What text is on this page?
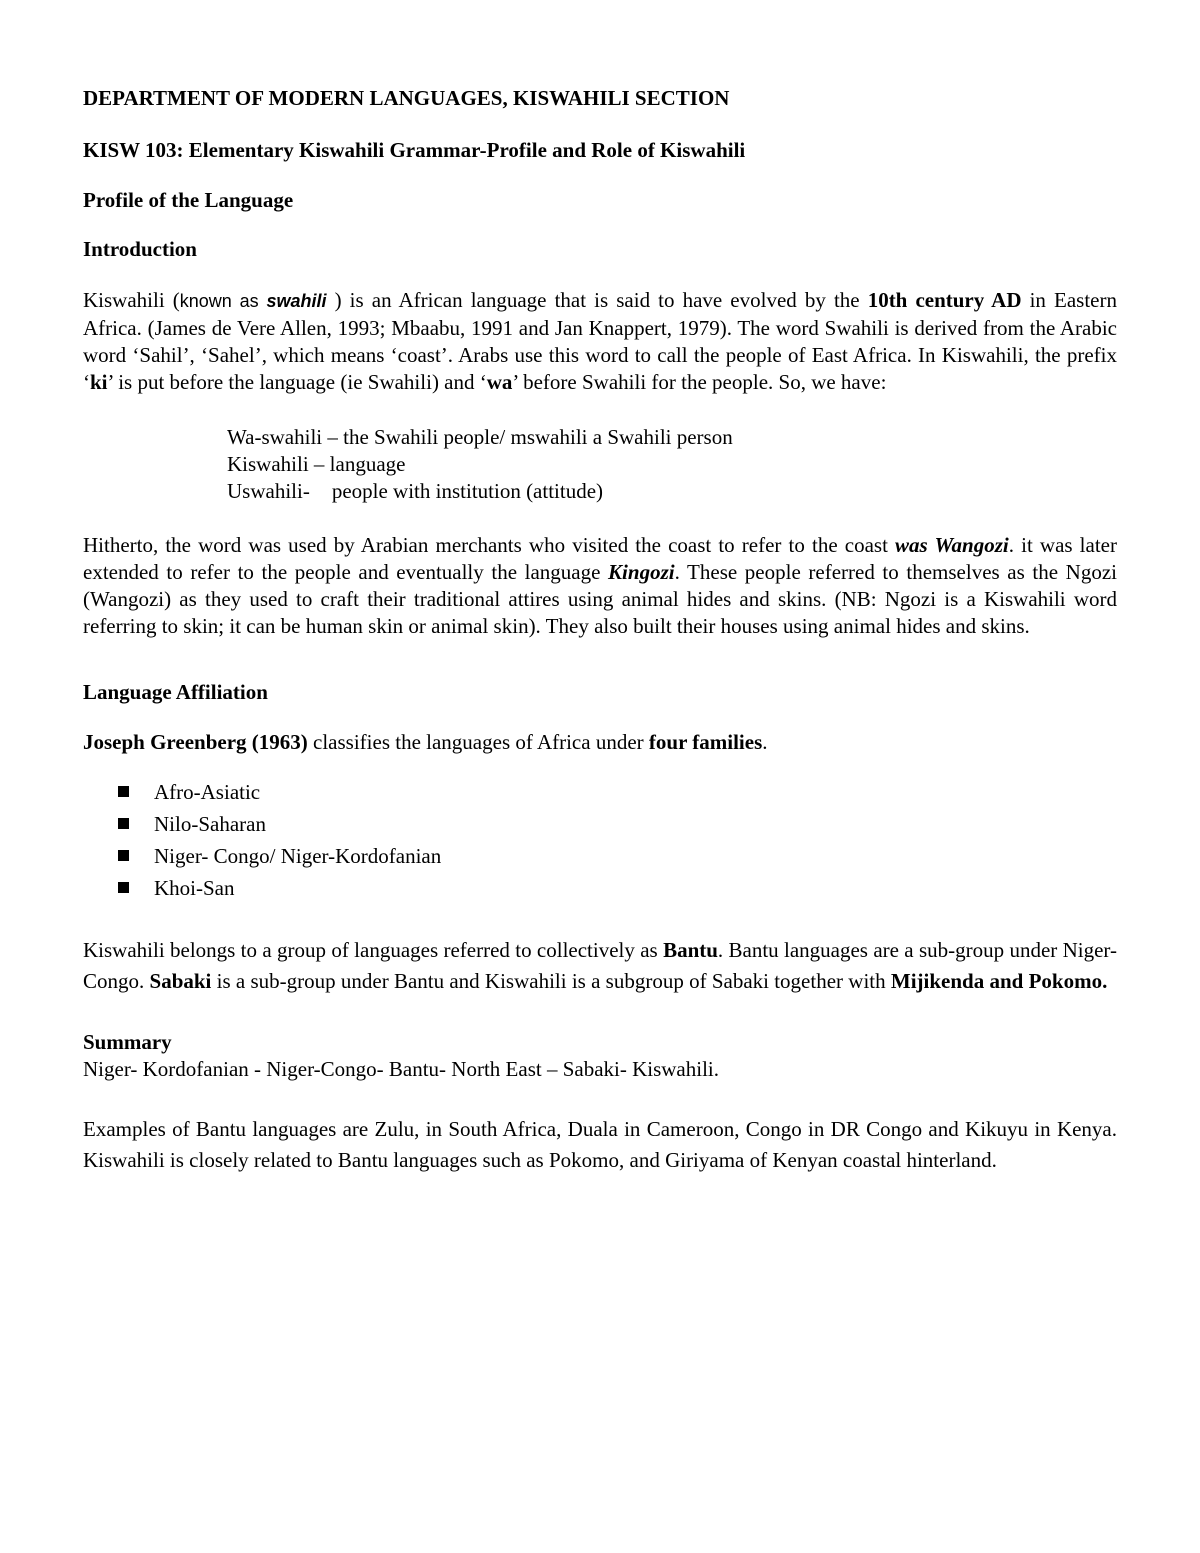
DEPARTMENT OF MODERN LANGUAGES, KISWAHILI SECTION

KISW 103: Elementary Kiswahili Grammar-Profile and Role of Kiswahili

Profile of the Language

Introduction

Kiswahili (known as swahili ) is an African language that is said to have evolved by the 10th century AD in Eastern Africa. (James de Vere Allen, 1993; Mbaabu, 1991 and Jan Knappert, 1979). The word Swahili is derived from the Arabic word ‘Sahil’, ‘Sahel’, which means ‘coast’. Arabs use this word to call the people of East Africa. In Kiswahili, the prefix ‘ki’ is put before the language (ie Swahili) and ‘wa’ before Swahili for the people. So, we have:

Wa-swahili – the Swahili people/ mswahili a Swahili person
Kiswahili – language
Uswahili- people with institution (attitude)

Hitherto, the word was used by Arabian merchants who visited the coast to refer to the coast was Wangozi. it was later extended to refer to the people and eventually the language Kingozi. These people referred to themselves as the Ngozi (Wangozi) as they used to craft their traditional attires using animal hides and skins. (NB: Ngozi is a Kiswahili word referring to skin; it can be human skin or animal skin). They also built their houses using animal hides and skins.

Language Affiliation

Joseph Greenberg (1963) classifies the languages of Africa under four families.

Afro-Asiatic
Nilo-Saharan
Niger- Congo/ Niger-Kordofanian
Khoi-San

Kiswahili belongs to a group of languages referred to collectively as Bantu. Bantu languages are a sub-group under Niger-Congo. Sabaki is a sub-group under Bantu and Kiswahili is a subgroup of Sabaki together with Mijikenda and Pokomo.

Summary

Niger- Kordofanian - Niger-Congo- Bantu- North East – Sabaki- Kiswahili.

Examples of Bantu languages are Zulu, in South Africa, Duala in Cameroon, Congo in DR Congo and Kikuyu in Kenya. Kiswahili is closely related to Bantu languages such as Pokomo, and Giriyama of Kenyan coastal hinterland.
